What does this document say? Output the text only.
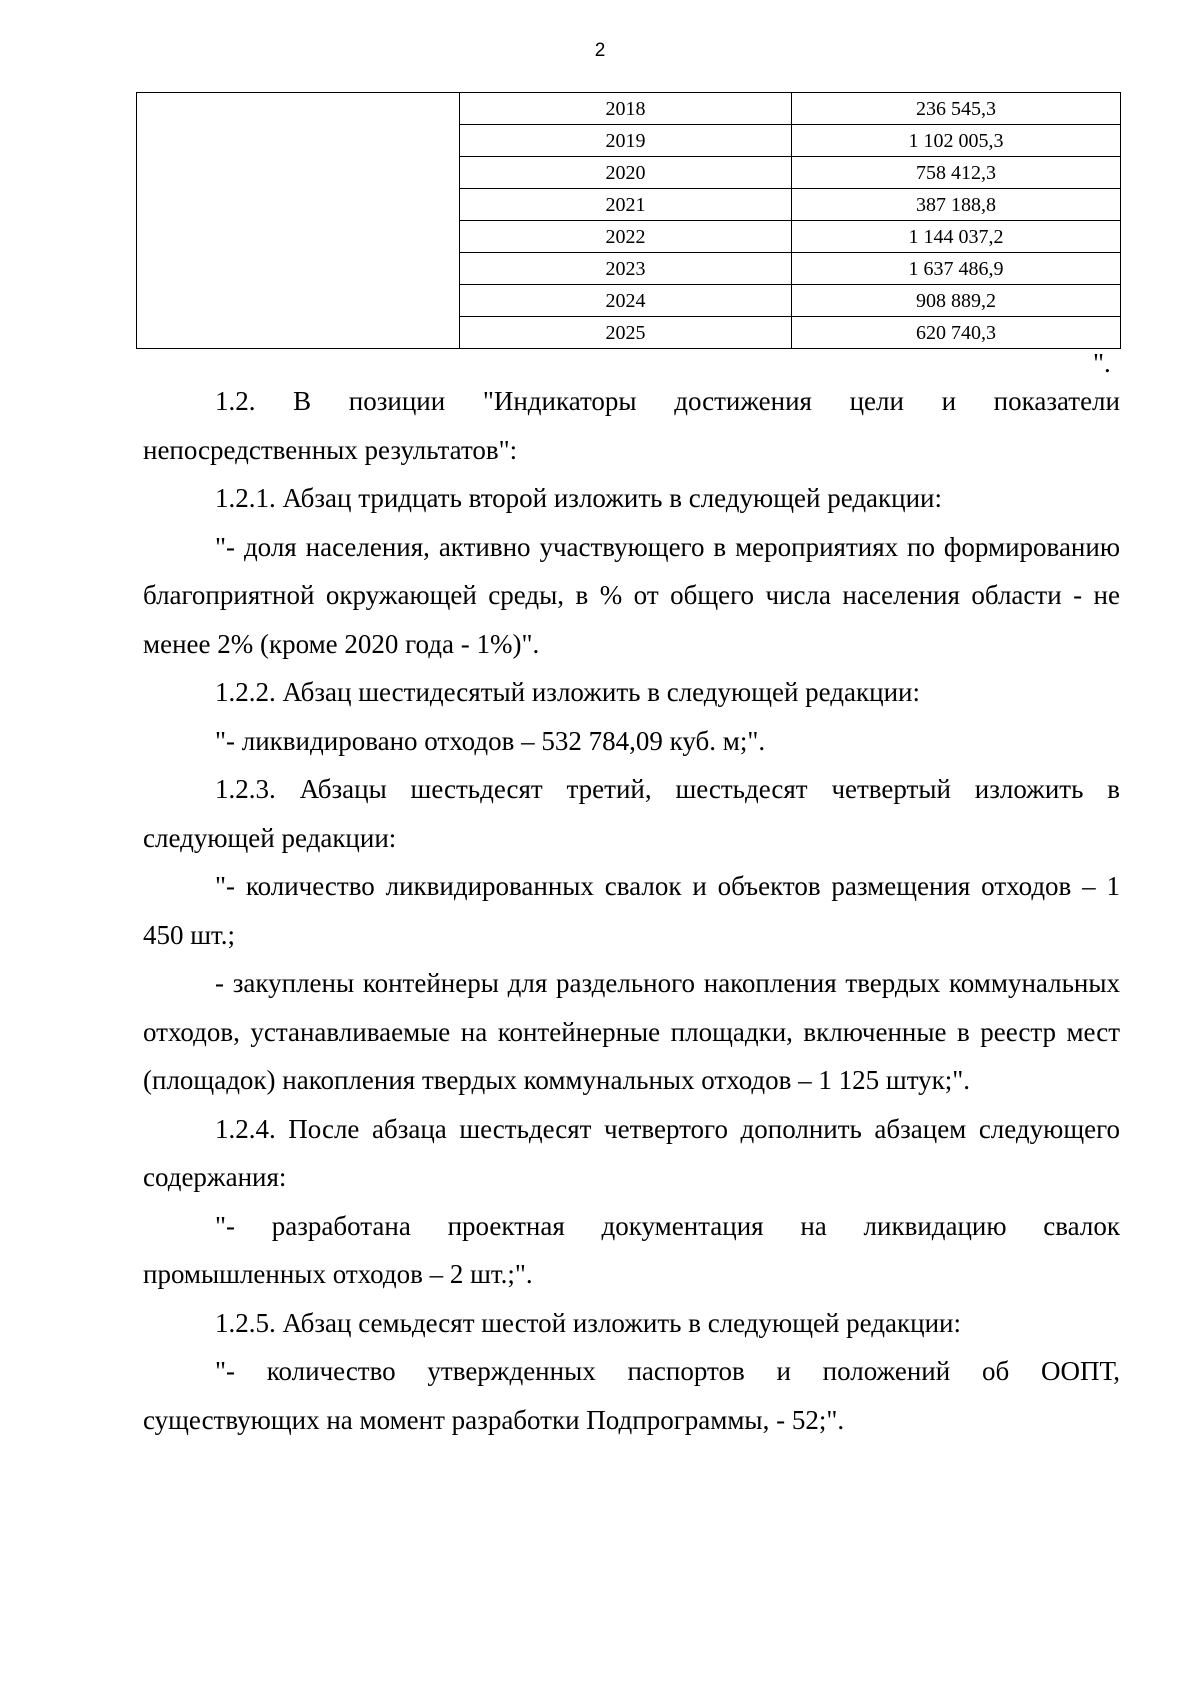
2
	2018	236 545,3
	2019	1 102 005,3
	2020	758 412,3
	2021	387 188,8
	2022	1 144 037,2
	2023	1 637 486,9
	2024	908 889,2
	2025	620 740,3
".

1.2. В позиции "Индикаторы достижения цели и показатели непосредственных результатов":

1.2.1. Абзац тридцать второй изложить в следующей редакции:

"- доля населения, активно участвующего в мероприятиях по формированию благоприятной окружающей среды, в % от общего числа населения области - не менее 2% (кроме 2020 года - 1%)".

1.2.2. Абзац шестидесятый изложить в следующей редакции:

"- ликвидировано отходов – 532 784,09 куб. м;".

1.2.3. Абзацы шестьдесят третий, шестьдесят четвертый изложить в следующей редакции:

"- количество ликвидированных свалок и объектов размещения отходов – 1 450 шт.;

- закуплены контейнеры для раздельного накопления твердых коммунальных отходов, устанавливаемые на контейнерные площадки, включенные в реестр мест (площадок) накопления твердых коммунальных отходов – 1 125 штук;".

1.2.4. После абзаца шестьдесят четвертого дополнить абзацем следующего содержания:

"- разработана проектная документация на ликвидацию свалок промышленных отходов – 2 шт.;".

1.2.5. Абзац семьдесят шестой изложить в следующей редакции:

"- количество утвержденных паспортов и положений об ООПТ, существующих на момент разработки Подпрограммы, - 52;".
